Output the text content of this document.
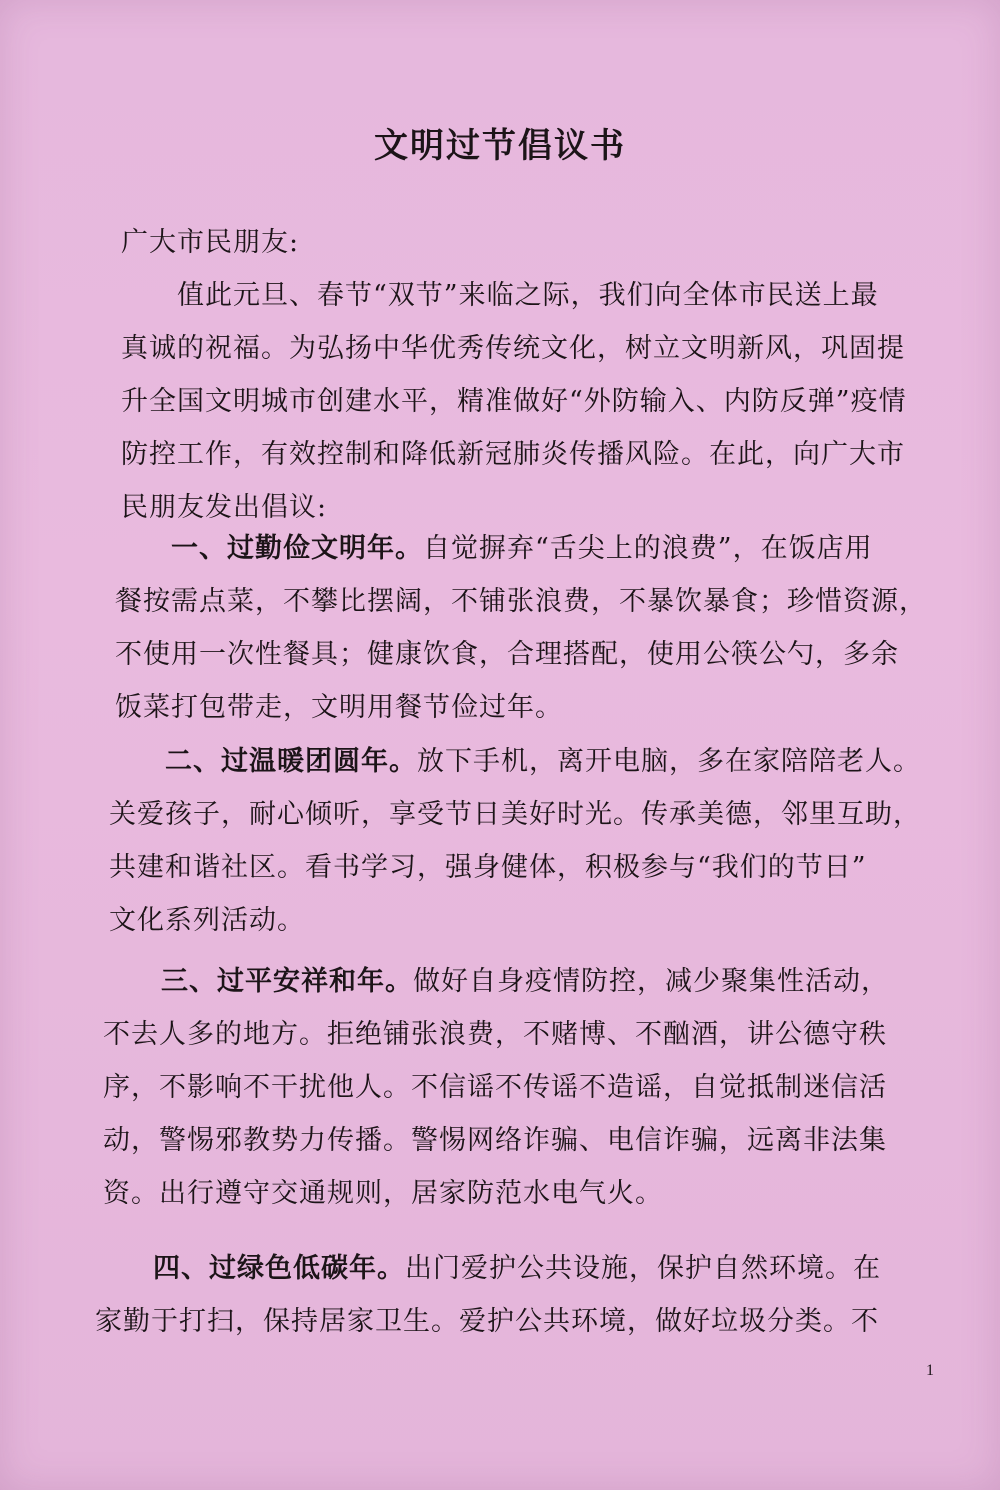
文明过节倡议书
广大市民朋友:
值此元旦、春节“双节”来临之际，我们向全体市民送上最
真诚的祝福。为弘扬中华优秀传统文化，树立文明新风，巩固提
升全国文明城市创建水平，精准做好“外防输入、内防反弹”疫情
防控工作，有效控制和降低新冠肺炎传播风险。在此，向广大市
民朋友发出倡议:
一、过勤俭文明年。自觉摒弃“舌尖上的浪费”，在饭店用
餐按需点菜，不攀比摆阔，不铺张浪费，不暴饮暴食；珍惜资源，
不使用一次性餐具；健康饮食，合理搭配，使用公筷公勺，多余
饭菜打包带走，文明用餐节俭过年。
二、过温暖团圆年。放下手机，离开电脑，多在家陪陪老人。
关爱孩子，耐心倾听，享受节日美好时光。传承美德，邻里互助，
共建和谐社区。看书学习，强身健体，积极参与“我们的节日”
文化系列活动。
三、过平安祥和年。做好自身疫情防控，减少聚集性活动，
不去人多的地方。拒绝铺张浪费，不赌博、不酗酒，讲公德守秩
序，不影响不干扰他人。不信谣不传谣不造谣，自觉抵制迷信活
动，警惕邪教势力传播。警惕网络诈骗、电信诈骗，远离非法集
资。出行遵守交通规则，居家防范水电气火。
四、过绿色低碳年。出门爱护公共设施，保护自然环境。在
家勤于打扫，保持居家卫生。爱护公共环境，做好垃圾分类。不
1
